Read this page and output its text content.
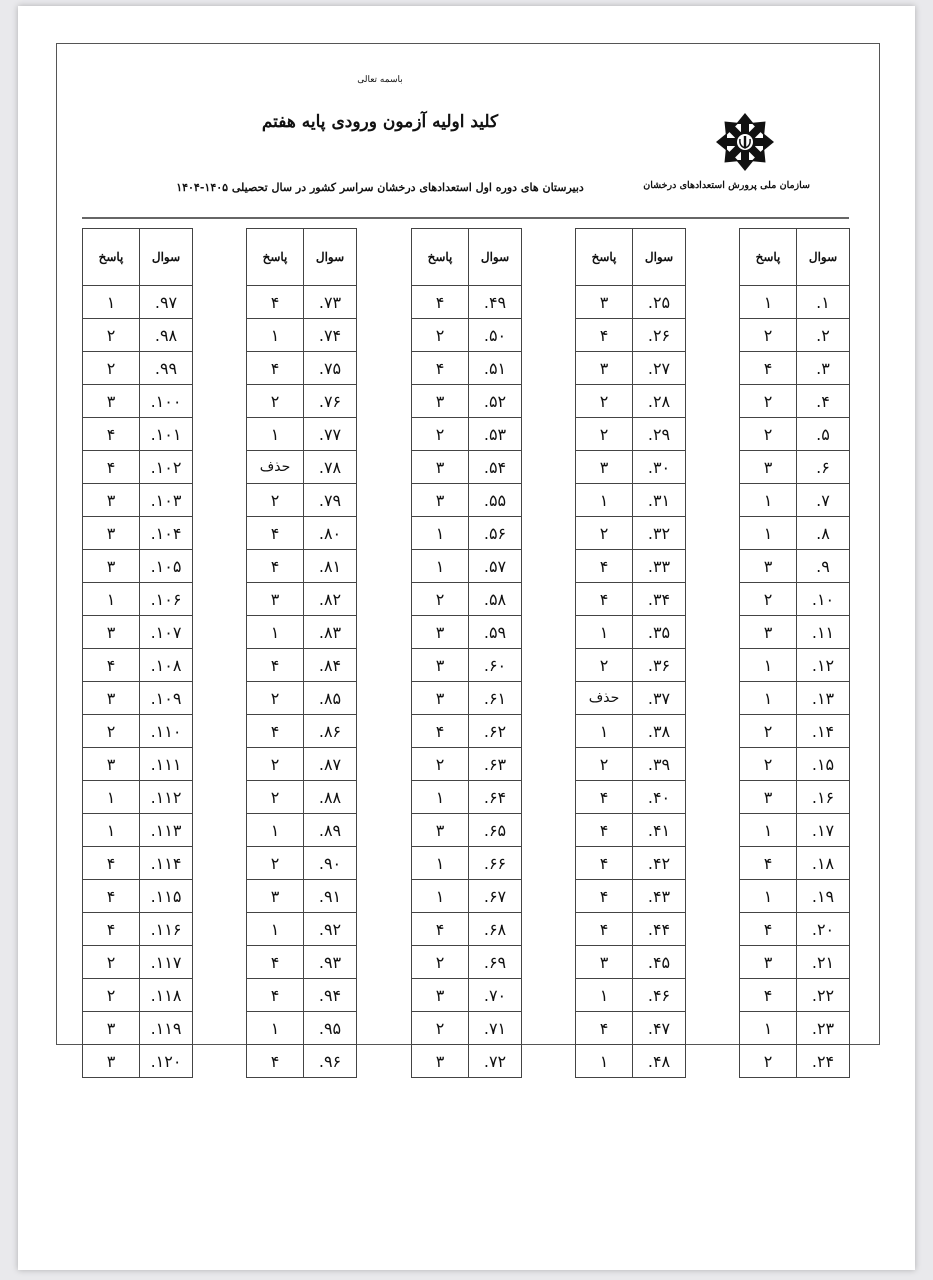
باسمه تعالی
کلید اولیه آزمون ورودی پایه هفتم
دبیرستان های دوره اول استعدادهای درخشان سراسر کشور در سال تحصیلی ۱۴۰۵-۱۴۰۴	سازمان ملی پرورش استعدادهای درخشان
پاسخ	سوال
۱	.۱
۲	.۲
۴	.۳
۲	.۴
۲	.۵
۳	.۶
۱	.۷
۱	.۸
۳	.۹
۲	.۱۰
۳	.۱۱
۱	.۱۲
۱	.۱۳
۲	.۱۴
۲	.۱۵
۳	.۱۶
۱	.۱۷
۴	.۱۸
۱	.۱۹
۴	.۲۰
۳	.۲۱
۴	.۲۲
۱	.۲۳
۲	.۲۴
پاسخ	سوال
۳	.۲۵
۴	.۲۶
۳	.۲۷
۲	.۲۸
۲	.۲۹
۳	.۳۰
۱	.۳۱
۲	.۳۲
۴	.۳۳
۴	.۳۴
۱	.۳۵
۲	.۳۶
حذف	.۳۷
۱	.۳۸
۲	.۳۹
۴	.۴۰
۴	.۴۱
۴	.۴۲
۴	.۴۳
۴	.۴۴
۳	.۴۵
۱	.۴۶
۴	.۴۷
۱	.۴۸
پاسخ	سوال
۴	.۴۹
۲	.۵۰
۴	.۵۱
۳	.۵۲
۲	.۵۳
۳	.۵۴
۳	.۵۵
۱	.۵۶
۱	.۵۷
۲	.۵۸
۳	.۵۹
۳	.۶۰
۳	.۶۱
۴	.۶۲
۲	.۶۳
۱	.۶۴
۳	.۶۵
۱	.۶۶
۱	.۶۷
۴	.۶۸
۲	.۶۹
۳	.۷۰
۲	.۷۱
۳	.۷۲
پاسخ	سوال
۴	.۷۳
۱	.۷۴
۴	.۷۵
۲	.۷۶
۱	.۷۷
حذف	.۷۸
۲	.۷۹
۴	.۸۰
۴	.۸۱
۳	.۸۲
۱	.۸۳
۴	.۸۴
۲	.۸۵
۴	.۸۶
۲	.۸۷
۲	.۸۸
۱	.۸۹
۲	.۹۰
۳	.۹۱
۱	.۹۲
۴	.۹۳
۴	.۹۴
۱	.۹۵
۴	.۹۶
پاسخ	سوال
۱	.۹۷
۲	.۹۸
۲	.۹۹
۳	.۱۰۰
۴	.۱۰۱
۴	.۱۰۲
۳	.۱۰۳
۳	.۱۰۴
۳	.۱۰۵
۱	.۱۰۶
۳	.۱۰۷
۴	.۱۰۸
۳	.۱۰۹
۲	.۱۱۰
۳	.۱۱۱
۱	.۱۱۲
۱	.۱۱۳
۴	.۱۱۴
۴	.۱۱۵
۴	.۱۱۶
۲	.۱۱۷
۲	.۱۱۸
۳	.۱۱۹
۳	.۱۲۰
